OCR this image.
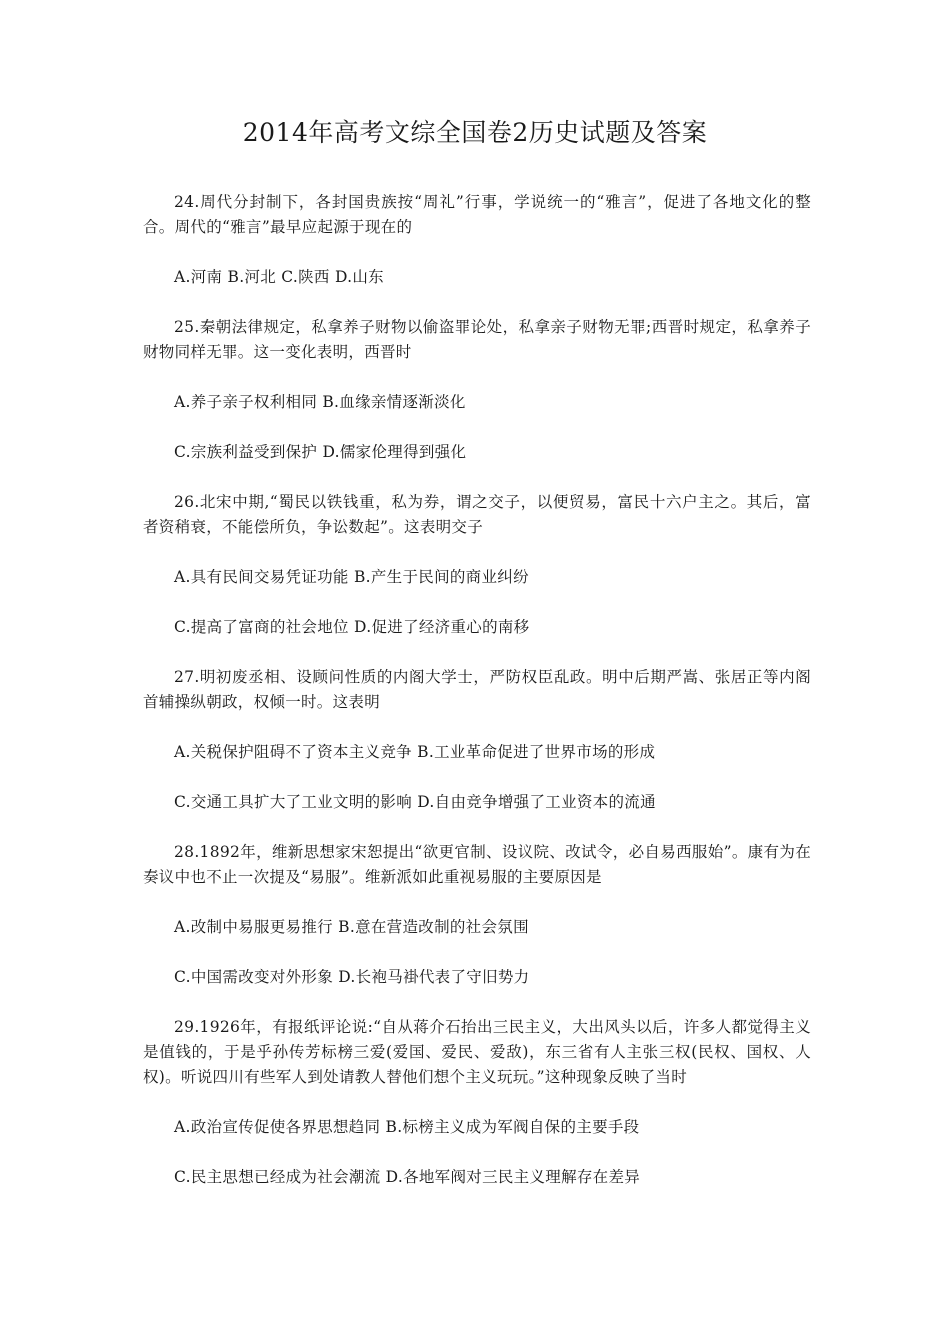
2014年高考文综全国卷2历史试题及答案

24.周代分封制下，各封国贵族按“周礼”行事，学说统一的“雅言”，促进了各地文化的整合。周代的“雅言”最早应起源于现在的

A.河南 B.河北 C.陕西 D.山东

25.秦朝法律规定，私拿养子财物以偷盗罪论处，私拿亲子财物无罪;西晋时规定，私拿养子财物同样无罪。这一变化表明，西晋时

A.养子亲子权利相同 B.血缘亲情逐渐淡化

C.宗族利益受到保护 D.儒家伦理得到强化

26.北宋中期,“蜀民以铁钱重，私为券，谓之交子，以便贸易，富民十六户主之。其后，富者资稍衰，不能偿所负，争讼数起”。这表明交子

A.具有民间交易凭证功能 B.产生于民间的商业纠纷

C.提高了富商的社会地位 D.促进了经济重心的南移

27.明初废丞相、设顾问性质的内阁大学士，严防权臣乱政。明中后期严嵩、张居正等内阁首辅操纵朝政，权倾一时。这表明

A.关税保护阻碍不了资本主义竞争 B.工业革命促进了世界市场的形成

C.交通工具扩大了工业文明的影响 D.自由竞争增强了工业资本的流通

28.1892年，维新思想家宋恕提出“欲更官制、设议院、改试令，必自易西服始”。康有为在奏议中也不止一次提及“易服”。维新派如此重视易服的主要原因是

A.改制中易服更易推行 B.意在营造改制的社会氛围

C.中国需改变对外形象 D.长袍马褂代表了守旧势力

29.1926年，有报纸评论说:“自从蒋介石抬出三民主义，大出风头以后，许多人都觉得主义是值钱的，于是乎孙传芳标榜三爱(爱国、爱民、爱敌)，东三省有人主张三权(民权、国权、人权)。听说四川有些军人到处请教人替他们想个主义玩玩。”这种现象反映了当时

A.政治宣传促使各界思想趋同 B.标榜主义成为军阀自保的主要手段

C.民主思想已经成为社会潮流 D.各地军阀对三民主义理解存在差异
